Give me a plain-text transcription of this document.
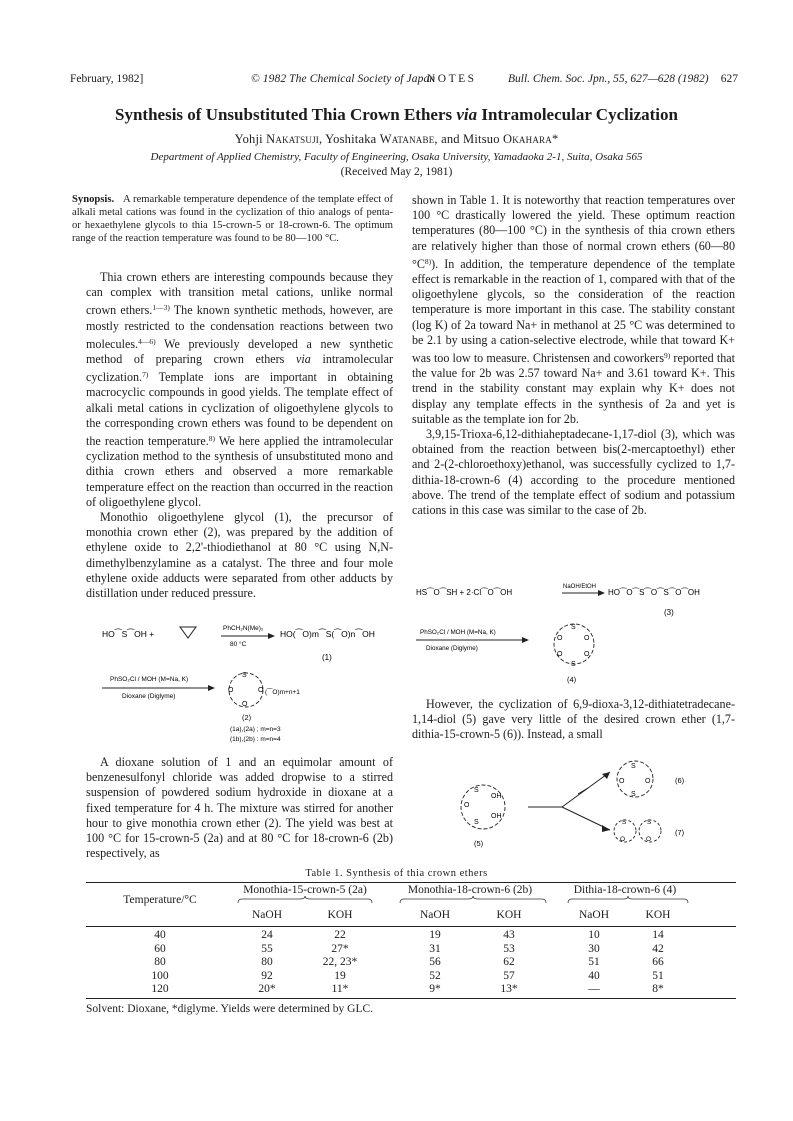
February, 1982]	© 1982 The Chemical Society of Japan
NOTES	Bull. Chem. Soc. Jpn., 55, 627—628 (1982) 627
Synthesis of Unsubstituted Thia Crown Ethers via Intramolecular Cyclization
Yohji Nakatsuji, Yoshitaka Watanabe, and Mitsuo Okahara*
Department of Applied Chemistry, Faculty of Engineering, Osaka University, Yamadaoka 2-1, Suita, Osaka 565
(Received May 2, 1981)
Synopsis. A remarkable temperature dependence of the template effect of alkali metal cations was found in the cyclization of thio analogs of penta- or hexaethylene glycols to thia 15-crown-5 or 18-crown-6. The optimum range of the reaction temperature was found to be 80—100 °C.

Thia crown ethers are interesting compounds because they can complex with transition metal cations, unlike normal crown ethers.$^{1—3)}$ The known synthetic methods, however, are mostly restricted to the condensation reactions between two molecules.$^{4—6)}$ We previously developed a new synthetic method of preparing crown ethers via intramolecular cyclization.$^{7)}$ Template ions are important in obtaining macrocyclic compounds in good yields. The template effect of alkali metal cations in cyclization of oligoethylene glycols to the corresponding crown ethers was found to be dependent on the reaction temperature.$^{8)}$ We here applied the intramolecular cyclization method to the synthesis of unsubstituted mono and dithia crown ethers and observed a more remarkable temperature effect on the reaction than occurred in the reaction of oligoethylene glycol.

Monothio oligoethylene glycol (1), the precursor of monothia crown ether (2), was prepared by the addition of ethylene oxide to 2,2'-thiodiethanol at 80 °C using N,N-dimethylbenzylamine as a catalyst. The three and four mole ethylene oxide adducts were separated from other adducts by distillation under reduced pressure.

HO⁀S⁀OH +
PhCH₂N(Me)₂
80 °C
HO(⁀O)m⁀S(⁀O)n⁀OH
(1)
PhSO₂Cl / MOH (M=Na, K)
Dioxane (Diglyme)
S
O	O
O
(⁀O)m+n+1
(2)
(1a),(2a) ; m=n=3
(1b),(2b) : m=n=4

A dioxane solution of 1 and an equimolar amount of benzenesulfonyl chloride was added dropwise to a stirred suspension of powdered sodium hydroxide in dioxane at a fixed temperature for 4 h. The mixture was stirred for another hour to give monothia crown ether (2). The yield was best at 100 °C for 15-crown-5 (2a) and at 80 °C for 18-crown-6 (2b) respectively, as

shown in Table 1. It is noteworthy that reaction temperatures over 100 °C drastically lowered the yield. These optimum reaction temperatures (80—100 °C) in the synthesis of thia crown ethers are relatively higher than those of normal crown ethers (60—80 $^\circ C^{8)}$). In addition, the temperature dependence of the template effect is remarkable in the reaction of 1, compared with that of the oligoethylene glycols, so the consideration of the reaction temperature is more important in this case. The stability constant (log K) of 2a toward Na+ in methanol at 25 °C was determined to be 2.1 by using a cation-selective electrode, while that toward K+ was too low to measure. Christensen and coworkers$^{9)}$ reported that the value for 2b was 2.57 toward Na+ and 3.61 toward K+. This trend in the stability constant may explain why K+ does not display any template effects in the synthesis of 2a and yet is suitable as the template ion for 2b.

3,9,15-Trioxa-6,12-dithiaheptadecane-1,17-diol (3), which was obtained from the reaction between bis(2-mercaptoethyl) ether and 2-(2-chloroethoxy)ethanol, was successfully cyclized to 1,7-dithia-18-crown-6 (4) according to the procedure mentioned above. The trend of the template effect of sodium and potassium cations in this case was similar to the case of 2b.

HS⁀O⁀SH + 2·Cl⁀O⁀OH
NaOH/EtOH
HO⁀O⁀S⁀O⁀S⁀O⁀OH
(3)
PhSO₂Cl / MOH (M=Na, K)
Dioxane (Diglyme)
S
O	O
O	O
S
(4)

However, the cyclization of 6,9-dioxa-3,12-dithiatetradecane-1,14-diol (5) gave very little of the desired crown ether (1,7-dithia-15-crown-5 (6)). Instead, a small

S
O
S
OH
OH
(5)
S
O	O
S
(6)
S	S
O	O
(7)
Table 1. Synthesis of thia crown ethers
Temperature/°C
Monothia-15-crown-5 (2a)	Monothia-18-crown-6 (2b)	Dithia-18-crown-6 (4)
NaOH	KOH	NaOH	KOH	NaOH	KOH
40	24	22	19	43	10	14
60	55	27*	31	53	30	42
80	80	22, 23*	56	62	51	66
100	92	19	52	57	40	51
120	20*	11*	9*	13*	—	8*
Solvent: Dioxane, *diglyme. Yields were determined by GLC.
